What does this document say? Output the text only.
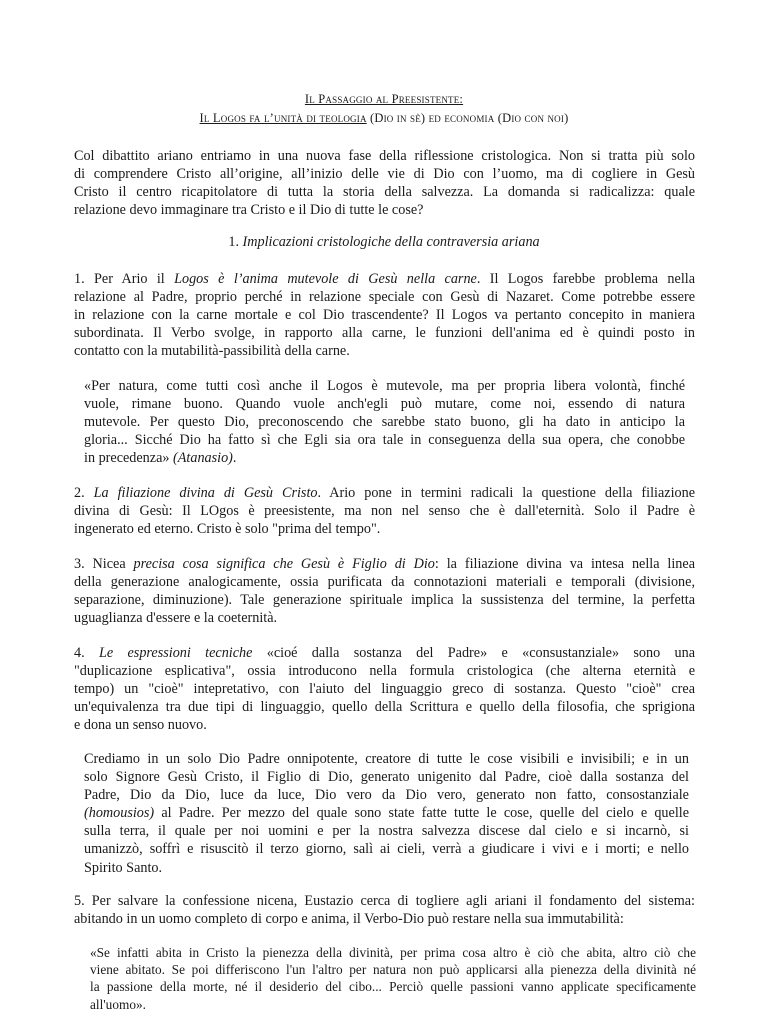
Il Passaggio al Preesistente:
Il Logos fa l’unità di teologia (Dio in sè) ed economia (Dio con noi)
Col dibattito ariano entriamo in una nuova fase della riflessione cristologica. Non si tratta più solo
di comprendere Cristo all’origine, all’inizio delle vie di Dio con l’uomo, ma di cogliere in Gesù
Cristo il centro ricapitolatore di tutta la storia della salvezza. La domanda si radicalizza: quale
relazione devo immaginare tra Cristo e il Dio di tutte le cose?
1. Implicazioni cristologiche della contraversia ariana
1. Per Ario il Logos è l’anima mutevole di Gesù nella carne. Il Logos farebbe problema nella
relazione al Padre, proprio perché in relazione speciale con Gesù di Nazaret. Come potrebbe essere
in relazione con la carne mortale e col Dio trascendente? Il Logos va pertanto concepito in maniera
subordinata. Il Verbo svolge, in rapporto alla carne, le funzioni dell'anima ed è quindi posto in
contatto con la mutabilità-passibilità della carne.
«Per natura, come tutti così anche il Logos è mutevole, ma per propria libera volontà, finché
vuole, rimane buono. Quando vuole anch'egli può mutare, come noi, essendo di natura
mutevole. Per questo Dio, preconoscendo che sarebbe stato buono, gli ha dato in anticipo la
gloria... Sicché Dio ha fatto sì che Egli sia ora tale in conseguenza della sua opera, che conobbe
in precedenza» (Atanasio).
2. La filiazione divina di Gesù Cristo. Ario pone in termini radicali la questione della filiazione
divina di Gesù: Il LOgos è preesistente, ma non nel senso che è dall'eternità. Solo il Padre è
ingenerato ed eterno. Cristo è solo "prima del tempo".
3. Nicea precisa cosa significa che Gesù è Figlio di Dio: la filiazione divina va intesa nella linea
della generazione analogicamente, ossia purificata da connotazioni materiali e temporali (divisione,
separazione, diminuzione). Tale generazione spirituale implica la sussistenza del termine, la perfetta
uguaglianza d'essere e la coeternità.
4. Le espressioni tecniche «cioé dalla sostanza del Padre» e «consustanziale» sono una
"duplicazione esplicativa", ossia introducono nella formula cristologica (che alterna eternità e
tempo) un "cioè" intepretativo, con l'aiuto del linguaggio greco di sostanza. Questo "cioè" crea
un'equivalenza tra due tipi di linguaggio, quello della Scrittura e quello della filosofia, che sprigiona
e dona un senso nuovo.
Crediamo in un solo Dio Padre onnipotente, creatore di tutte le cose visibili e invisibili; e in un
solo Signore Gesù Cristo, il Figlio di Dio, generato unigenito dal Padre, cioè dalla sostanza del
Padre, Dio da Dio, luce da luce, Dio vero da Dio vero, generato non fatto, consostanziale
(homousios) al Padre. Per mezzo del quale sono state fatte tutte le cose, quelle del cielo e quelle
sulla terra, il quale per noi uomini e per la nostra salvezza discese dal cielo e si incarnò, si
umanizzò, soffrì e risuscitò il terzo giorno, salì ai cieli, verrà a giudicare i vivi e i morti; e nello
Spirito Santo.
5. Per salvare la confessione nicena, Eustazio cerca di togliere agli ariani il fondamento del sistema:
abitando in un uomo completo di corpo e anima, il Verbo-Dio può restare nella sua immutabilità:
«Se infatti abita in Cristo la pienezza della divinità, per prima cosa altro è ciò che abita, altro ciò che
viene abitato. Se poi differiscono l'un l'altro per natura non può applicarsi alla pienezza della divinità né
la passione della morte, né il desiderio del cibo... Perciò quelle passioni vanno applicate specificamente
all'uomo».
